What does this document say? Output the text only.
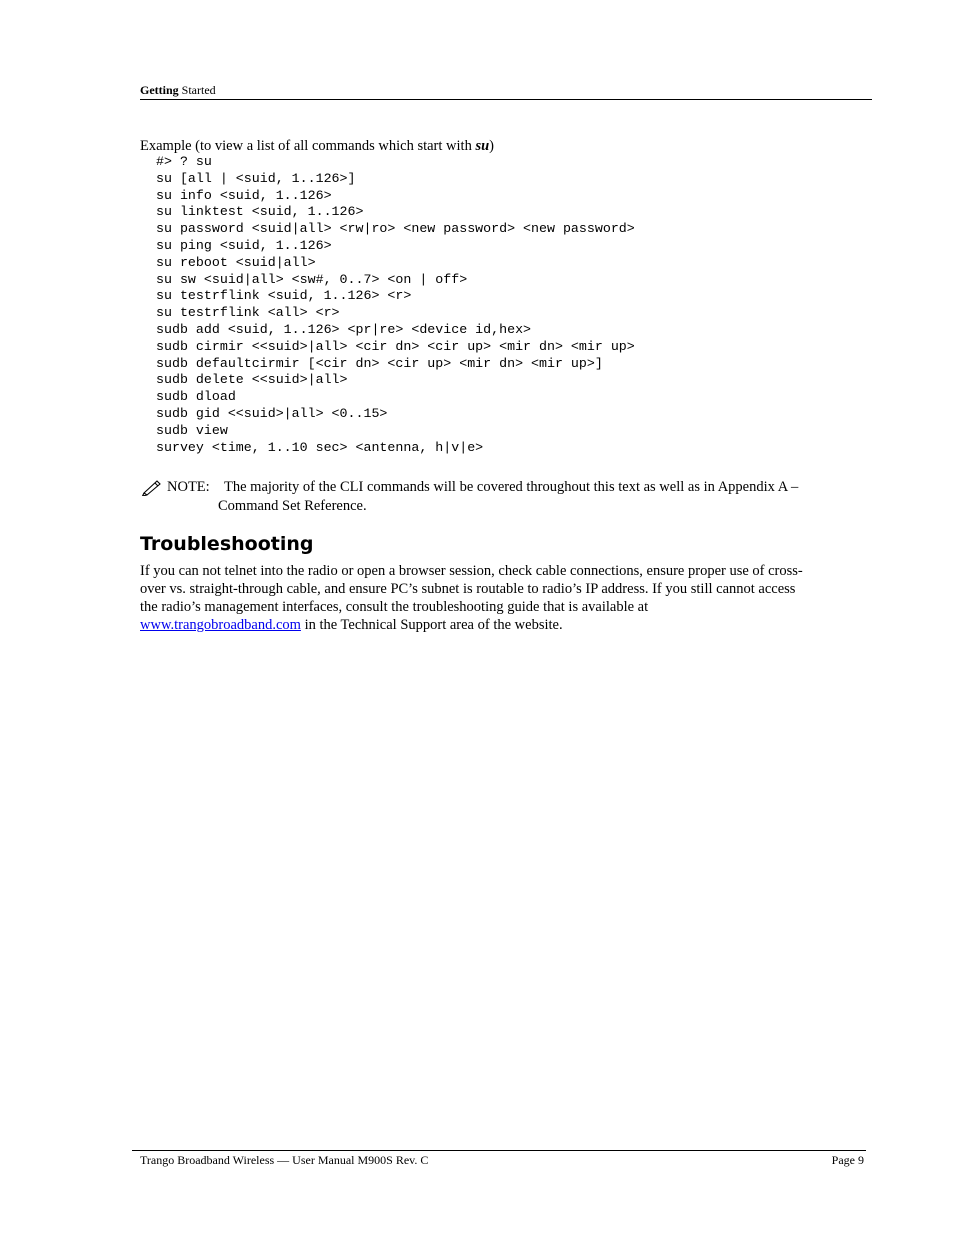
Getting Started
Example (to view a list of all commands which start with su)
#> ? su
su [all | <suid, 1..126>]
su info <suid, 1..126>
su linktest <suid, 1..126>
su password <suid|all> <rw|ro> <new password> <new password>
su ping <suid, 1..126>
su reboot <suid|all>
su sw <suid|all> <sw#, 0..7> <on | off>
su testrflink <suid, 1..126> <r>
su testrflink <all> <r>
sudb add <suid, 1..126> <pr|re> <device id,hex>
sudb cirmir <<suid>|all> <cir dn> <cir up> <mir dn> <mir up>
sudb defaultcirmir [<cir dn> <cir up> <mir dn> <mir up>]
sudb delete <<suid>|all>
sudb dload
sudb gid <<suid>|all> <0..15>
sudb view
survey <time, 1..10 sec> <antenna, h|v|e>
NOTE: The majority of the CLI commands will be covered throughout this text as well as in Appendix A –
Command Set Reference.
Troubleshooting
If you can not telnet into the radio or open a browser session, check cable connections, ensure proper use of cross-
over vs. straight-through cable, and ensure PC’s subnet is routable to radio’s IP address. If you still cannot access
the radio’s management interfaces, consult the troubleshooting guide that is available at
www.trangobroadband.com in the Technical Support area of the website.
Trango Broadband Wireless — User Manual M900S Rev. C	Page 9
